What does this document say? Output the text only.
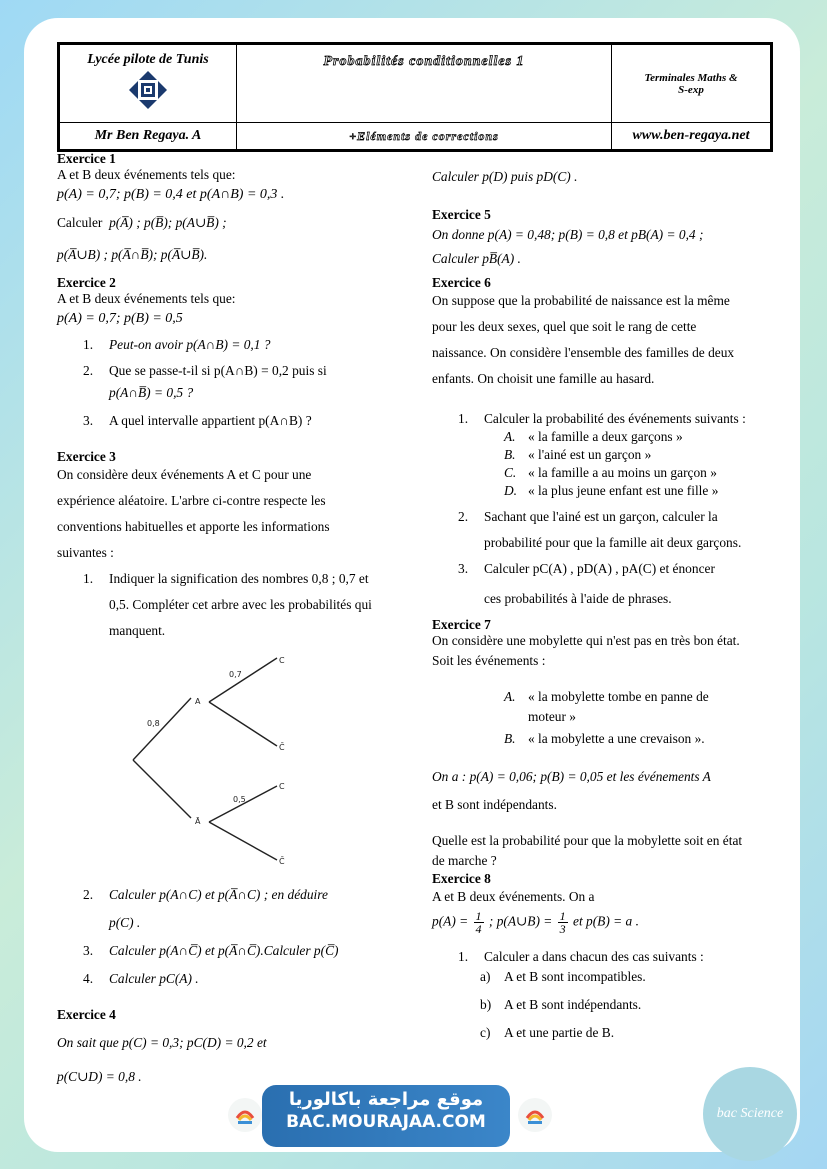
Lycée pilote de Tunis	Probabilités conditionnelles 1	Terminales Maths &
S-exp

Mr Ben Regaya. A	+Eléments de corrections	www.ben-regaya.net
Exercice 1
A et B deux événements tels que:
p(A) = 0,7; p(B) = 0,4 et p(A∩B) = 0,3 .
Calculer p(A̅) ; p(B̅); p(A∪B̅) ;
p(A̅∪B) ; p(A̅∩B̅); p(A̅∪B̅).
Exercice 2
A et B deux événements tels que:
p(A) = 0,7; p(B) = 0,5
1. Peut-on avoir p(A∩B) = 0,1 ?
2. Que se passe-t-il si p(A∩B) = 0,2 puis si
p(A∩B̅) = 0,5 ?
3. A quel intervalle appartient p(A∩B) ?
Exercice 3
On considère deux événements A et C pour une
expérience aléatoire. L'arbre ci-contre respecte les
conventions habituelles et apporte les informations
suivantes :
1. Indiquer la signification des nombres 0,8 ; 0,7 et
0,5. Compléter cet arbre avec les probabilités qui
manquent.
0,8
0,7
0,5
A
Ā
C
C̄
C
C̄
2. Calculer p(A∩C) et p(A̅∩C) ; en déduire
p(C) .
3. Calculer p(A∩C̅) et p(A̅∩C̅).Calculer p(C̅)
4. Calculer pC(A) .
Exercice 4
On sait que p(C) = 0,3; pC(D) = 0,2 et
p(C∪D) = 0,8 .
Calculer p(D) puis pD(C) .
Exercice 5
On donne p(A) = 0,48; p(B) = 0,8 et pB(A) = 0,4 ;
Calculer pB̅(A) .
Exercice 6
On suppose que la probabilité de naissance est la même
pour les deux sexes, quel que soit le rang de cette
naissance. On considère l'ensemble des familles de deux
enfants. On choisit une famille au hasard.
1. Calculer la probabilité des événements suivants :
A. « la famille a deux garçons »
B. « l'ainé est un garçon »
C. « la famille a au moins un garçon »
D. « la plus jeune enfant est une fille »
2. Sachant que l'ainé est un garçon, calculer la
probabilité pour que la famille ait deux garçons.
3. Calculer pC(A) , pD(A) , pA(C) et énoncer
ces probabilités à l'aide de phrases.
Exercice 7
On considère une mobylette qui n'est pas en très bon état.
Soit les événements :
A. « la mobylette tombe en panne de
moteur »
B. « la mobylette a une crevaison ».
On a : p(A) = 0,06; p(B) = 0,05 et les événements A
et B sont indépendants.
Quelle est la probabilité pour que la mobylette soit en état
de marche ?
Exercice 8
A et B deux événements. On a
$p(A) = \frac{1}{4}$ ; p(A∪B) = $\frac{1}{3}$ et p(B) = a .
1. Calculer a dans chacun des cas suivants :
a) A et B sont incompatibles.
b) A et B sont indépendants.
c) A et une partie de B.
موقع مراجعة باكالوريا
BAC.MOURAJAA.COM	bac Science
